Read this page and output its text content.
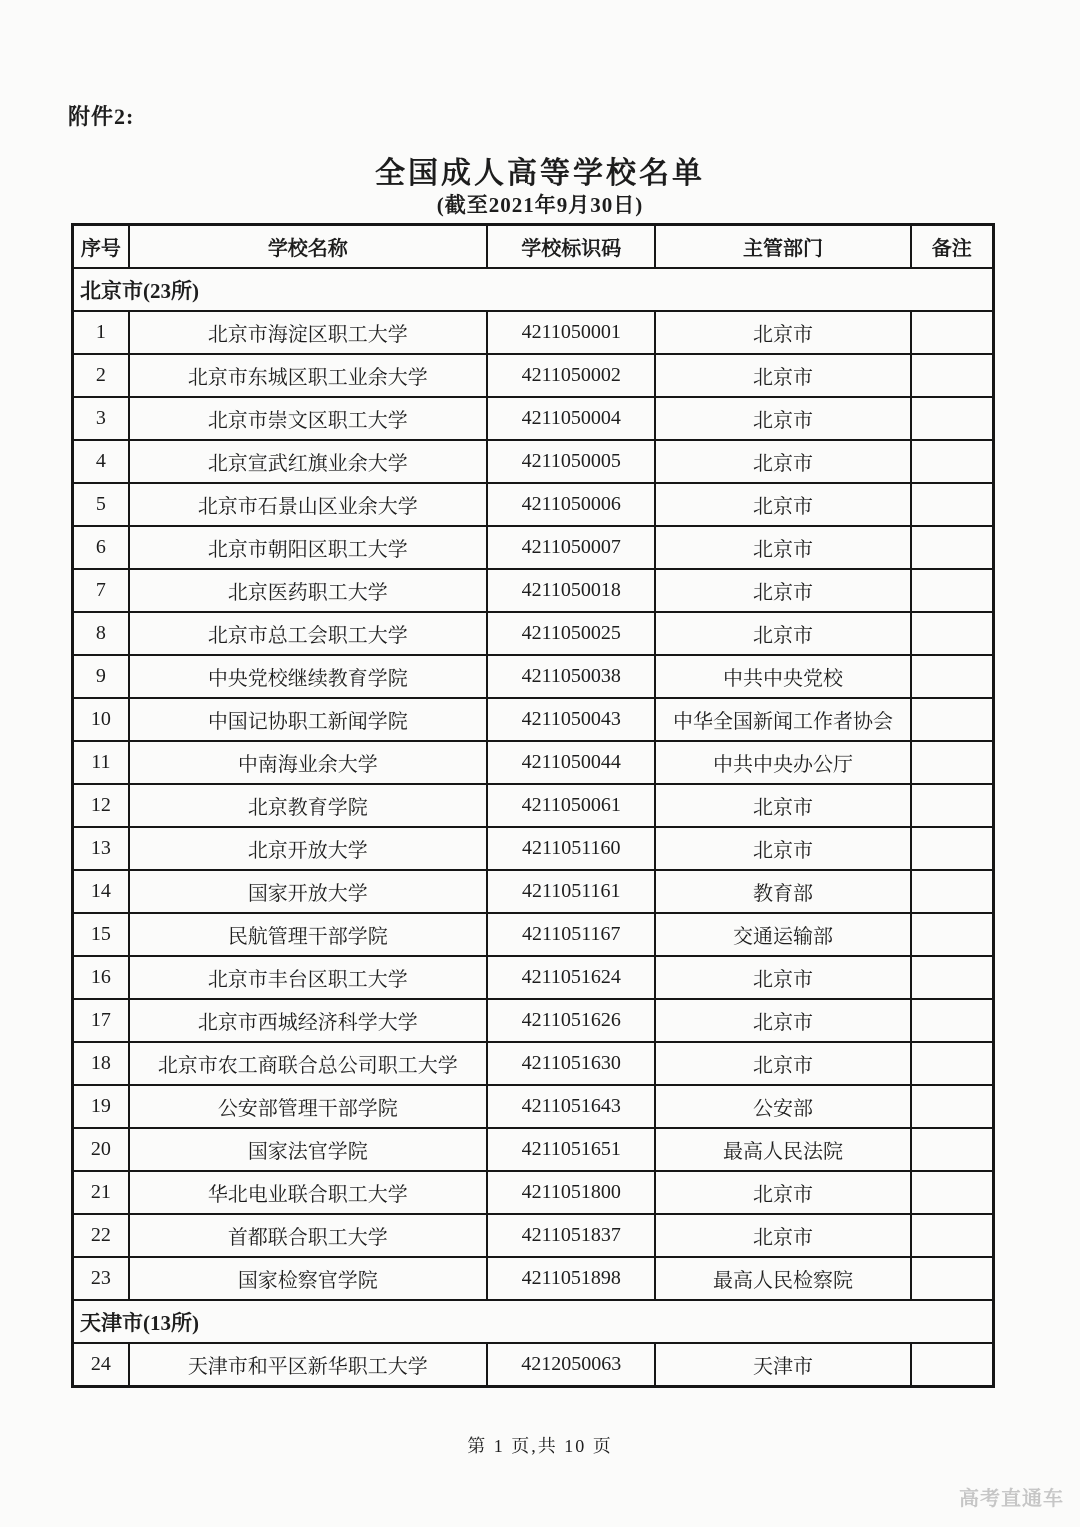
附件2:
全国成人高等学校名单
(截至2021年9月30日)
序号	学校名称	学校标识码	主管部门	备注
北京市(23所)				
1	北京市海淀区职工大学	4211050001	北京市	
2	北京市东城区职工业余大学	4211050002	北京市	
3	北京市崇文区职工大学	4211050004	北京市	
4	北京宣武红旗业余大学	4211050005	北京市	
5	北京市石景山区业余大学	4211050006	北京市	
6	北京市朝阳区职工大学	4211050007	北京市	
7	北京医药职工大学	4211050018	北京市	
8	北京市总工会职工大学	4211050025	北京市	
9	中央党校继续教育学院	4211050038	中共中央党校	
10	中国记协职工新闻学院	4211050043	中华全国新闻工作者协会	
11	中南海业余大学	4211050044	中共中央办公厅	
12	北京教育学院	4211050061	北京市	
13	北京开放大学	4211051160	北京市	
14	国家开放大学	4211051161	教育部	
15	民航管理干部学院	4211051167	交通运输部	
16	北京市丰台区职工大学	4211051624	北京市	
17	北京市西城经济科学大学	4211051626	北京市	
18	北京市农工商联合总公司职工大学	4211051630	北京市	
19	公安部管理干部学院	4211051643	公安部	
20	国家法官学院	4211051651	最高人民法院	
21	华北电业联合职工大学	4211051800	北京市	
22	首都联合职工大学	4211051837	北京市	
23	国家检察官学院	4211051898	最高人民检察院	
天津市(13所)				
24	天津市和平区新华职工大学	4212050063	天津市	
第 1 页,共 10 页
高考直通车
